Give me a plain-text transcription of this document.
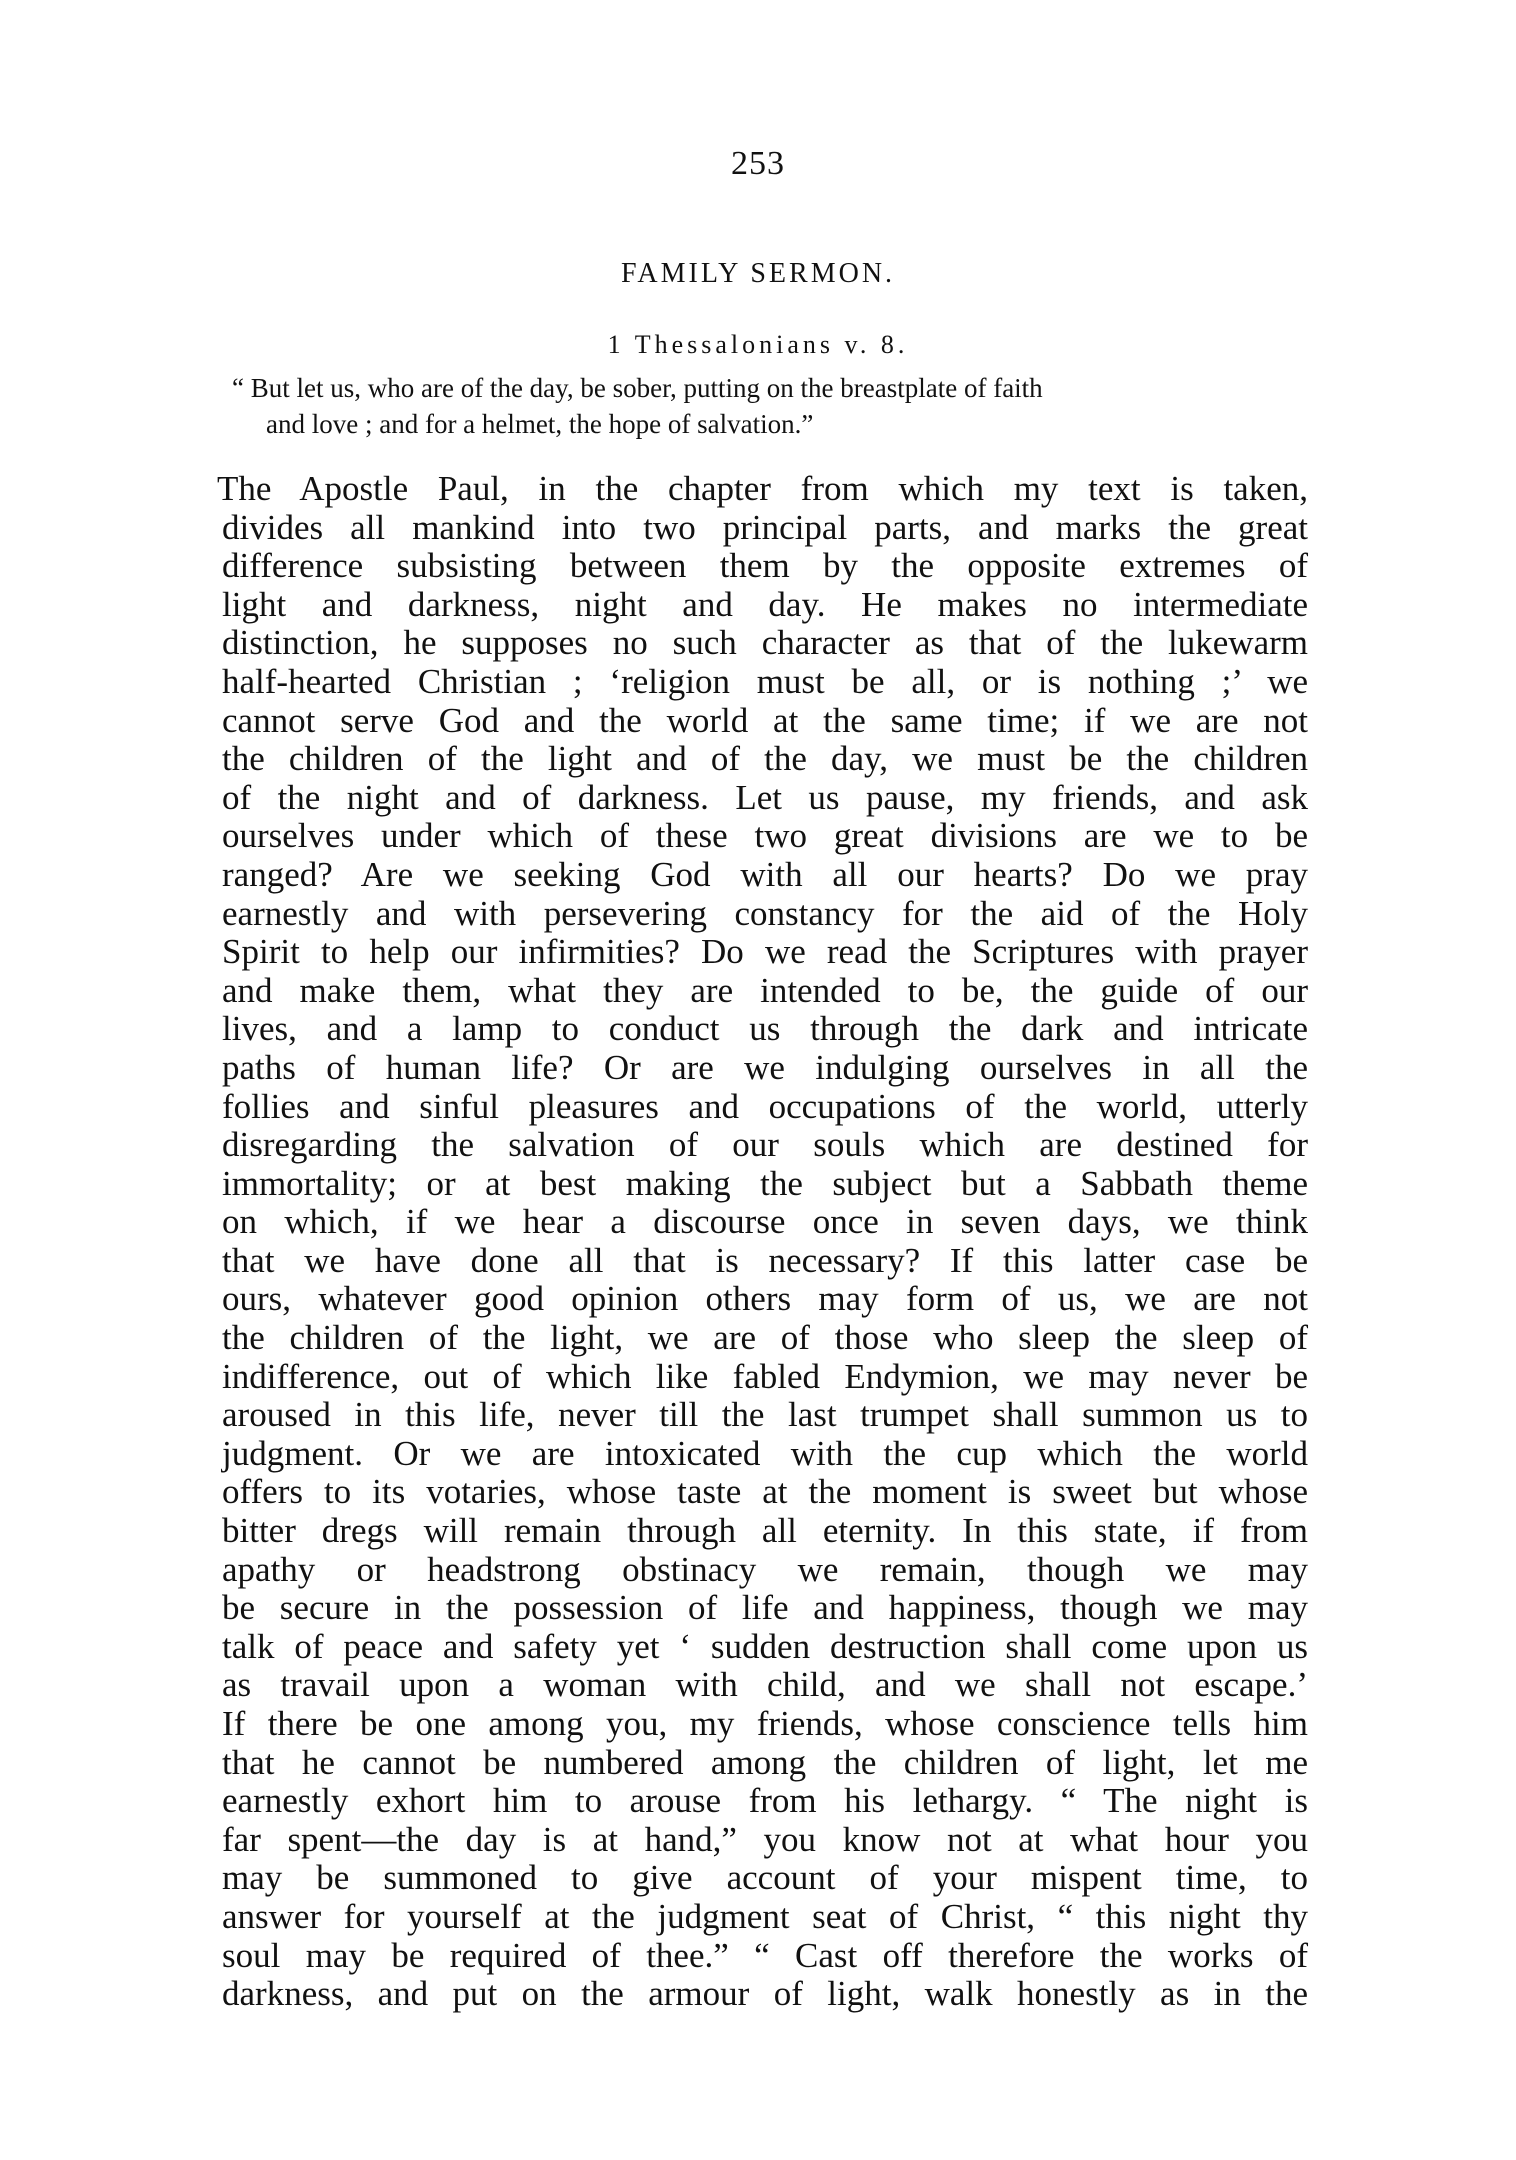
253
FAMILY SERMON.
1 Thessalonians v. 8.
“ But let us, who are of the day, be sober, putting on the breastplate of faith
and love ; and for a helmet, the hope of salvation.”
The Apostle Paul, in the chapter from which my text is taken,
divides all mankind into two principal parts, and marks the great
difference subsisting between them by the opposite extremes of
light and darkness, night and day. He makes no intermediate
distinction, he supposes no such character as that of the lukewarm
half-hearted Christian ; ‘religion must be all, or is nothing ;’ we
cannot serve God and the world at the same time; if we are not
the children of the light and of the day, we must be the children
of the night and of darkness. Let us pause, my friends, and ask
ourselves under which of these two great divisions are we to be
ranged? Are we seeking God with all our hearts? Do we pray
earnestly and with persevering constancy for the aid of the Holy
Spirit to help our infirmities? Do we read the Scriptures with prayer
and make them, what they are intended to be, the guide of our
lives, and a lamp to conduct us through the dark and intricate
paths of human life? Or are we indulging ourselves in all the
follies and sinful pleasures and occupations of the world, utterly
disregarding the salvation of our souls which are destined for
immortality; or at best making the subject but a Sabbath theme
on which, if we hear a discourse once in seven days, we think
that we have done all that is necessary? If this latter case be
ours, whatever good opinion others may form of us, we are not
the children of the light, we are of those who sleep the sleep of
indifference, out of which like fabled Endymion, we may never be
aroused in this life, never till the last trumpet shall summon us to
judgment. Or we are intoxicated with the cup which the world
offers to its votaries, whose taste at the moment is sweet but whose
bitter dregs will remain through all eternity. In this state, if from
apathy or headstrong obstinacy we remain, though we may
be secure in the possession of life and happiness, though we may
talk of peace and safety yet ‘ sudden destruction shall come upon us
as travail upon a woman with child, and we shall not escape.’
If there be one among you, my friends, whose conscience tells him
that he cannot be numbered among the children of light, let me
earnestly exhort him to arouse from his lethargy. “ The night is
far spent—the day is at hand,” you know not at what hour you
may be summoned to give account of your mispent time, to
answer for yourself at the judgment seat of Christ, “ this night thy
soul may be required of thee.” “ Cast off therefore the works of
darkness, and put on the armour of light, walk honestly as in the
